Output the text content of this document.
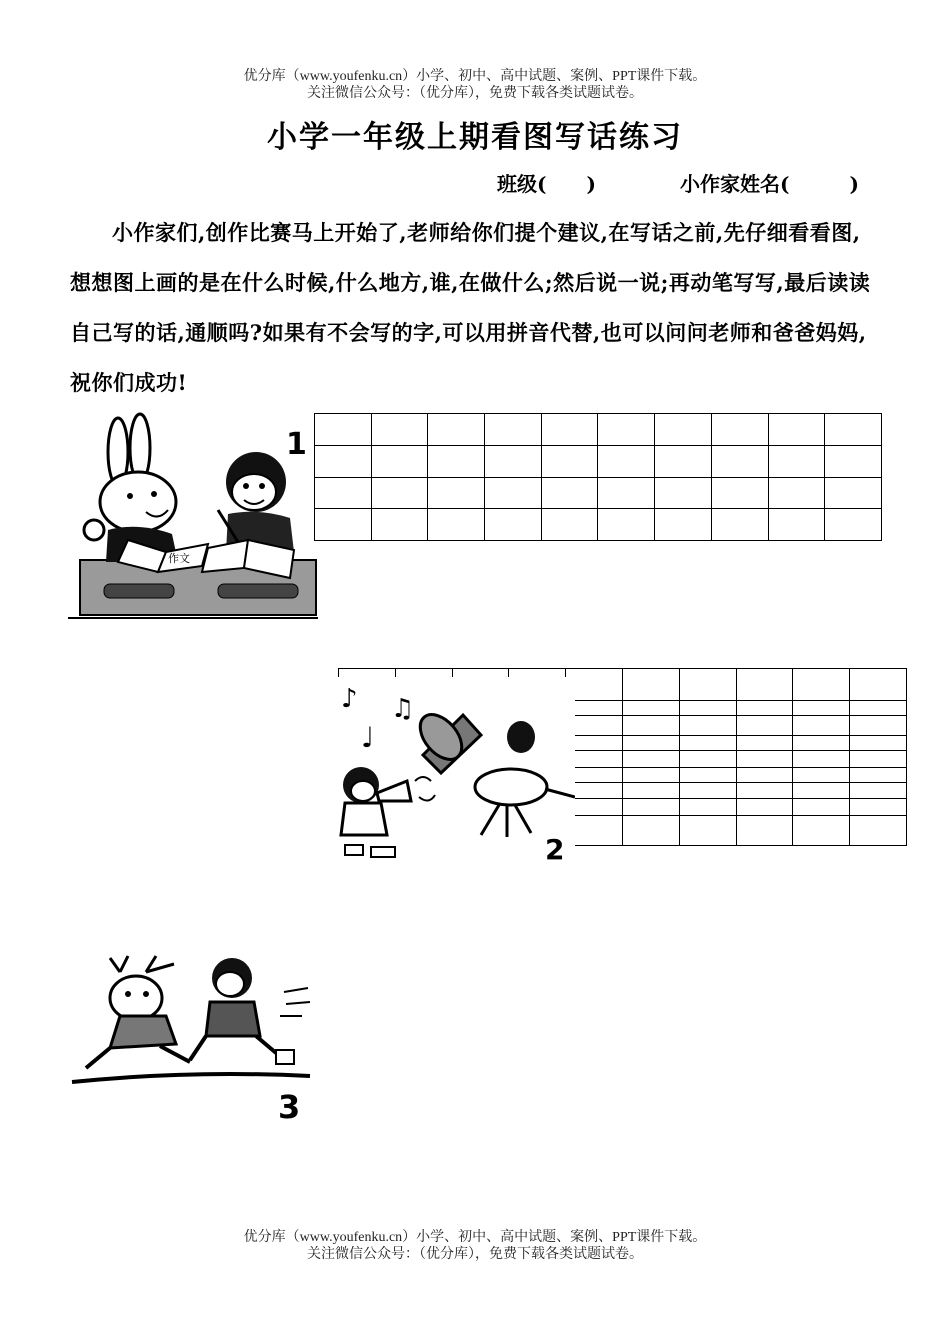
优分库（www.youfenku.cn）小学、初中、高中试题、案例、PPT课件下载。
关注微信公众号：（优分库），免费下载各类试题试卷。
小学一年级上期看图写话练习
班级(　　)	小作家姓名(　　　)
小作家们,创作比赛马上开始了,老师给你们提个建议,在写话之前,先仔细看看图,想想图上画的是在什么时候,什么地方,谁,在做什么;然后说一说;再动笔写写,最后读读自己写的话,通顺吗?如果有不会写的字,可以用拼音代替,也可以问问老师和爸爸妈妈,祝你们成功!
作文
1

♪
♩
♫
2
3
优分库（www.youfenku.cn）小学、初中、高中试题、案例、PPT课件下载。
关注微信公众号：（优分库），免费下载各类试题试卷。
